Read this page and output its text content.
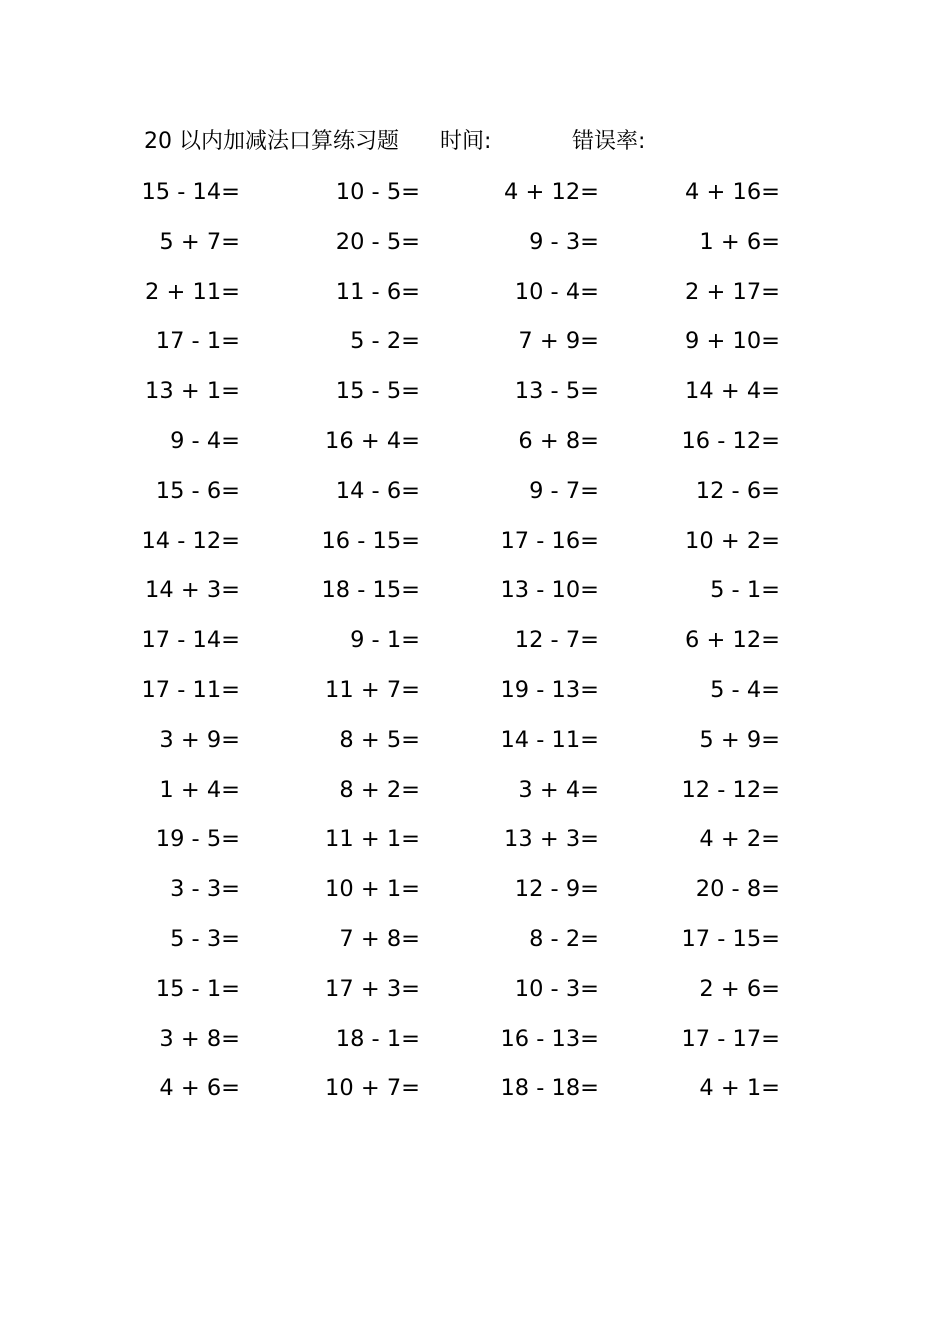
20 以内加减法口算练习题 时间:	错误率:
15 - 14=	10 - 5=	4 + 12=	4 + 16=
5 + 7=	20 - 5=	9 - 3=	1 + 6=
2 + 11=	11 - 6=	10 - 4=	2 + 17=
17 - 1=	5 - 2=	7 + 9=	9 + 10=
13 + 1=	15 - 5=	13 - 5=	14 + 4=
9 - 4=	16 + 4=	6 + 8=	16 - 12=
15 - 6=	14 - 6=	9 - 7=	12 - 6=
14 - 12=	16 - 15=	17 - 16=	10 + 2=
14 + 3=	18 - 15=	13 - 10=	5 - 1=
17 - 14=	9 - 1=	12 - 7=	6 + 12=
17 - 11=	11 + 7=	19 - 13=	5 - 4=
3 + 9=	8 + 5=	14 - 11=	5 + 9=
1 + 4=	8 + 2=	3 + 4=	12 - 12=
19 - 5=	11 + 1=	13 + 3=	4 + 2=
3 - 3=	10 + 1=	12 - 9=	20 - 8=
5 - 3=	7 + 8=	8 - 2=	17 - 15=
15 - 1=	17 + 3=	10 - 3=	2 + 6=
3 + 8=	18 - 1=	16 - 13=	17 - 17=
4 + 6=	10 + 7=	18 - 18=	4 + 1=
